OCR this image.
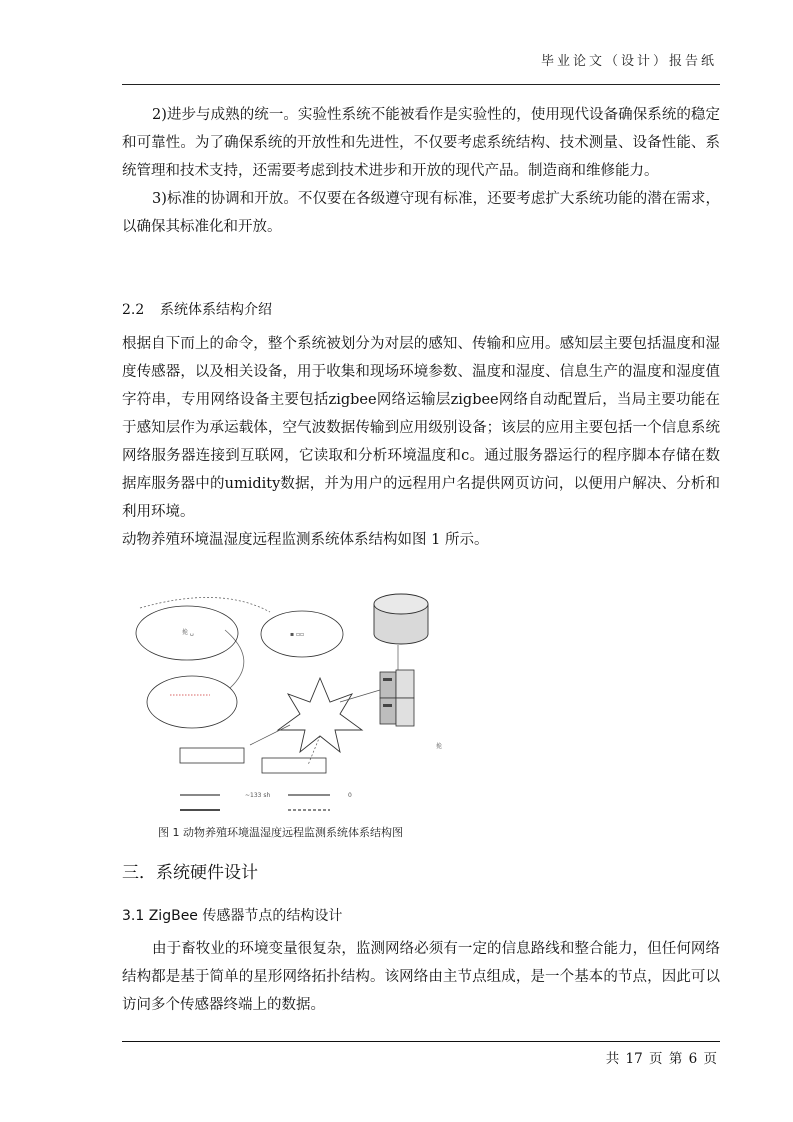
毕业论文（设计）报告纸

2)进步与成熟的统一。实验性系统不能被看作是实验性的，使用现代设备确保系统的稳定和可靠性。为了确保系统的开放性和先进性，不仅要考虑系统结构、技术测量、设备性能、系统管理和技术支持，还需要考虑到技术进步和开放的现代产品。制造商和维修能力。

3)标准的协调和开放。不仅要在各级遵守现有标准，还要考虑扩大系统功能的潜在需求，以确保其标准化和开放。

2.2 系统体系结构介绍

根据自下而上的命令，整个系统被划分为对层的感知、传输和应用。感知层主要包括温度和湿度传感器，以及相关设备，用于收集和现场环境参数、温度和湿度、信息生产的温度和湿度值字符串，专用网络设备主要包括zigbee网络运输层zigbee网络自动配置后，当局主要功能在于感知层作为承运载体，空气波数据传输到应用级别设备；该层的应用主要包括一个信息系统网络服务器连接到互联网，它读取和分析环境温度和c。通过服务器运行的程序脚本存储在数据库服务器中的umidity数据，并为用户的远程用户名提供网页访问，以便用户解决、分析和利用环境。

动物养殖环境温湿度远程监测系统体系结构如图 1 所示。

㧪 ␣	▪ ▫▫
~133 sh	0
㧪
图 1 动物养殖环境温湿度远程监测系统体系结构图
三．系统硬件设计
3.1 ZigBee 传感器节点的结构设计

由于畜牧业的环境变量很复杂，监测网络必须有一定的信息路线和整合能力，但任何网络结构都是基于简单的星形网络拓扑结构。该网络由主节点组成，是一个基本的节点，因此可以访问多个传感器终端上的数据。

共 17 页 第 6 页
